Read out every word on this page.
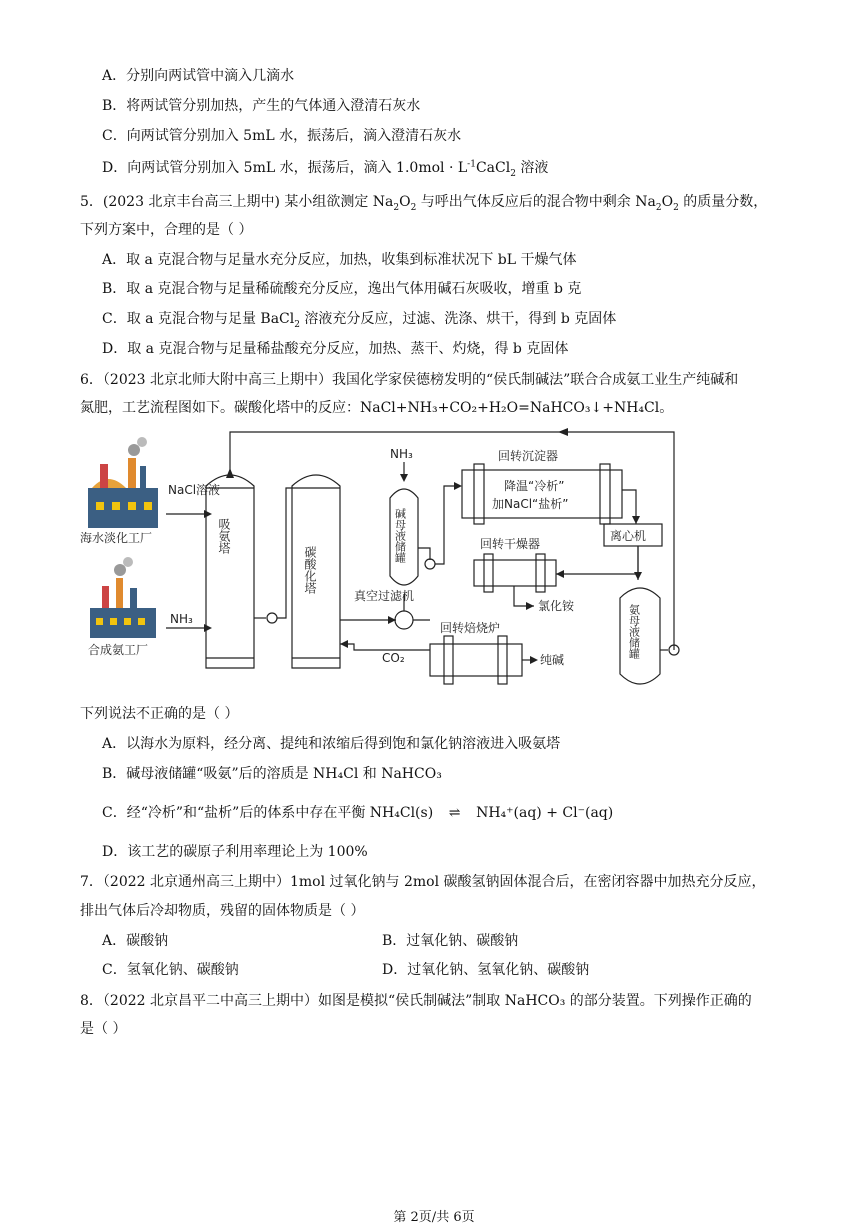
A．分别向两试管中滴入几滴水
B．将两试管分别加热，产生的气体通入澄清石灰水
C．向两试管分别加入 5mL 水，振荡后，滴入澄清石灰水
D．向两试管分别加入 5mL 水，振荡后，滴入 $1.0mol \cdot L^{-1}CaCl_2$ 溶液
5．(2023 北京丰台高三上期中) 某小组欲测定 $Na_2O_2$ 与呼出气体反应后的混合物中剩余 $Na_2O_2$ 的质量分数，
下列方案中，合理的是（ ）
A．取 a 克混合物与足量水充分反应，加热，收集到标准状况下 bL 干燥气体
B．取 a 克混合物与足量稀硫酸充分反应，逸出气体用碱石灰吸收，增重 b 克
C．取 a 克混合物与足量 BaCl$_2$ 溶液充分反应，过滤、洗涤、烘干，得到 b 克固体
D．取 a 克混合物与足量稀盐酸充分反应，加热、蒸干、灼烧，得 b 克固体
6．（2023 北京北师大附中高三上期中）我国化学家侯德榜发明的“侯氏制碱法”联合合成氨工业生产纯碱和
氮肥，工艺流程图如下。碳酸化塔中的反应：NaCl+NH₃+CO₂+H₂O=NaHCO₃↓+NH₄Cl。
海水淡化工厂
合成氨工厂
NaCl溶液
NH₃
吸氨塔
碳酸化塔
CO₂
真空过滤机
NH₃
碱母液储罐
回转沉淀器
降温“冷析”
加NaCl“盐析”
离心机
回转干燥器
氯化铵	氨母液储罐
回转焙烧炉
纯碱
下列说法不正确的是（ ）
A．以海水为原料，经分离、提纯和浓缩后得到饱和氯化钠溶液进入吸氨塔
B．碱母液储罐“吸氨”后的溶质是 NH₄Cl 和 NaHCO₃
C．经“冷析”和“盐析”后的体系中存在平衡 NH₄Cl(s) ⇌ NH₄⁺(aq) + Cl⁻(aq)
D．该工艺的碳原子利用率理论上为 100%
7．（2022 北京通州高三上期中）1mol 过氧化钠与 2mol 碳酸氢钠固体混合后，在密闭容器中加热充分反应，
排出气体后冷却物质，残留的固体物质是（ ）
A．碳酸钠	B．过氧化钠、碳酸钠
C．氢氧化钠、碳酸钠	D．过氧化钠、氢氧化钠、碳酸钠
8．（2022 北京昌平二中高三上期中）如图是模拟“侯氏制碱法”制取 NaHCO₃ 的部分装置。下列操作正确的
是（ ）
第 2页/共 6页
